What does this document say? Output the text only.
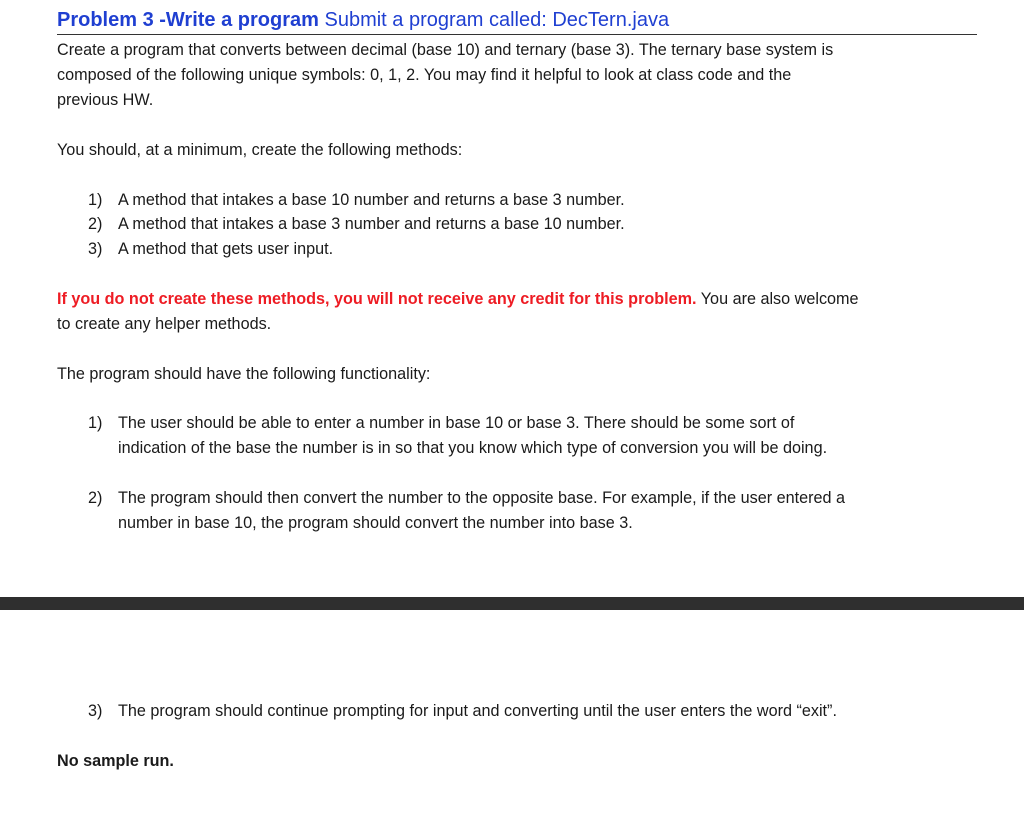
Problem 3 -Write a program Submit a program called: DecTern.java
Create a program that converts between decimal (base 10) and ternary (base 3). The ternary base system is
composed of the following unique symbols: 0, 1, 2. You may find it helpful to look at class code and the
previous HW.
You should, at a minimum, create the following methods:
1) A method that intakes a base 10 number and returns a base 3 number.
2) A method that intakes a base 3 number and returns a base 10 number.
3) A method that gets user input.
If you do not create these methods, you will not receive any credit for this problem. You are also welcome
to create any helper methods.
The program should have the following functionality:
1) The user should be able to enter a number in base 10 or base 3. There should be some sort of
indication of the base the number is in so that you know which type of conversion you will be doing.
2) The program should then convert the number to the opposite base. For example, if the user entered a
number in base 10, the program should convert the number into base 3.
3) The program should continue prompting for input and converting until the user enters the word “exit”.
No sample run.
